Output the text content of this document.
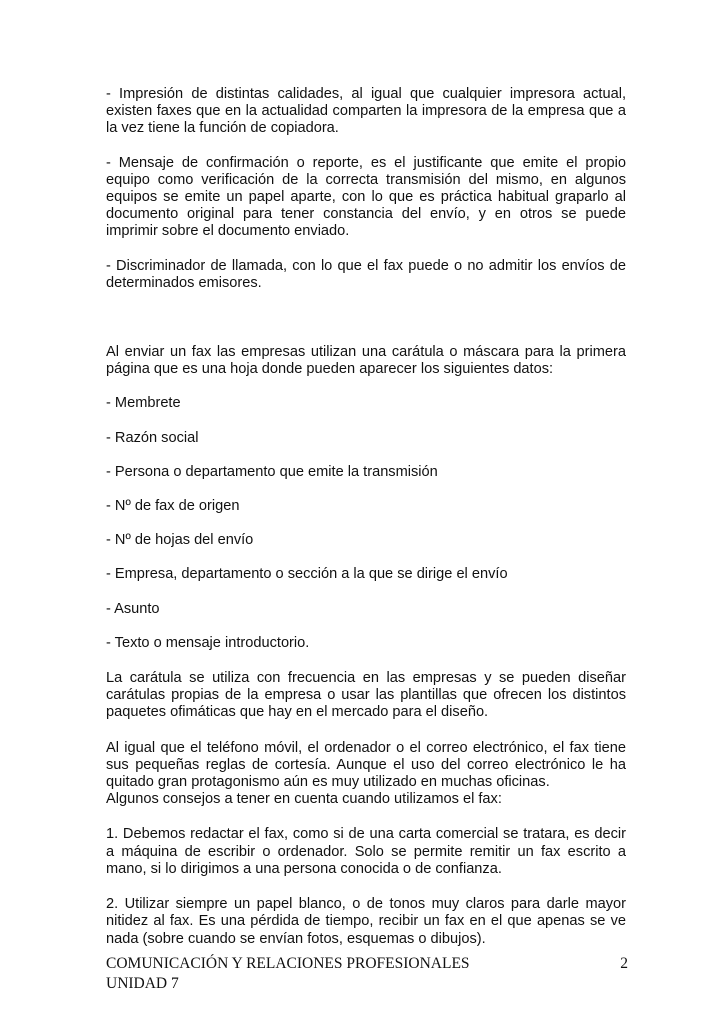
- Impresión de distintas calidades, al igual que cualquier impresora actual, existen faxes que en la actualidad comparten la impresora de la empresa que a la vez tiene la función de copiadora.

- Mensaje de confirmación o reporte, es el justificante que emite el propio equipo como verificación de la correcta transmisión del mismo, en algunos equipos se emite un papel aparte, con lo que es práctica habitual graparlo al documento original para tener constancia del envío, y en otros se puede imprimir sobre el documento enviado.

- Discriminador de llamada, con lo que el fax puede o no admitir los envíos de determinados emisores.

Al enviar un fax las empresas utilizan una carátula o máscara para la primera página que es una hoja donde pueden aparecer los siguientes datos:

- Membrete

- Razón social

- Persona o departamento que emite la transmisión

- Nº de fax de origen

- Nº de hojas del envío

- Empresa, departamento o sección a la que se dirige el envío

- Asunto

- Texto o mensaje introductorio.

La carátula se utiliza con frecuencia en las empresas y se pueden diseñar carátulas propias de la empresa o usar las plantillas que ofrecen los distintos paquetes ofimáticas que hay en el mercado para el diseño.

Al igual que el teléfono móvil, el ordenador o el correo electrónico, el fax tiene sus pequeñas reglas de cortesía. Aunque el uso del correo electrónico le ha quitado gran protagonismo aún es muy utilizado en muchas oficinas.

Algunos consejos a tener en cuenta cuando utilizamos el fax:

1. Debemos redactar el fax, como si de una carta comercial se tratara, es decir a máquina de escribir o ordenador. Solo se permite remitir un fax escrito a mano, si lo dirigimos a una persona conocida o de confianza.

2. Utilizar siempre un papel blanco, o de tonos muy claros para darle mayor nitidez al fax. Es una pérdida de tiempo, recibir un fax en el que apenas se ve nada (sobre cuando se envían fotos, esquemas o dibujos).

COMUNICACIÓN Y RELACIONES PROFESIONALES
UNIDAD 7
2
